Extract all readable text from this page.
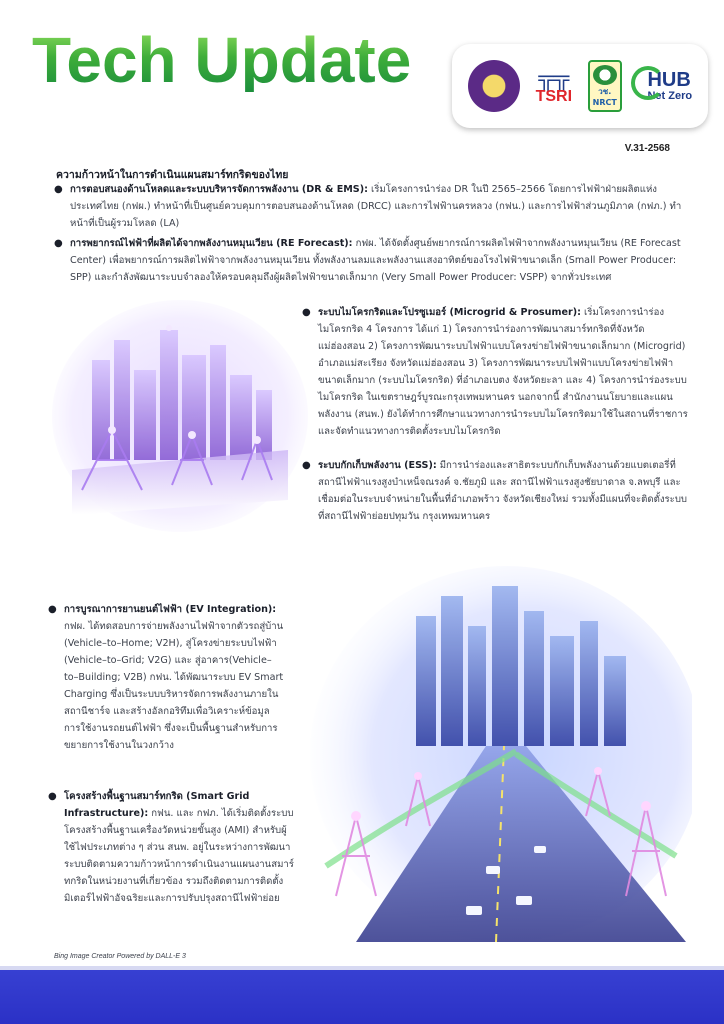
Tech Update	╦╦
TSRI	วช.
NRCT
HUB
Net Zero
V.31-2568
ความก้าวหน้าในการดำเนินแผนสมาร์ทกริดของไทย
● การตอบสนองด้านโหลดและระบบบริหารจัดการพลังงาน (DR & EMS): เริ่มโครงการนำร่อง DR ในปี 2565–2566 โดยการไฟฟ้าฝ่ายผลิตแห่งประเทศไทย (กฟผ.) ทำหน้าที่เป็นศูนย์ควบคุมการตอบสนองด้านโหลด (DRCC) และการไฟฟ้านครหลวง (กฟน.) และการไฟฟ้าส่วนภูมิภาค (กฟภ.) ทำหน้าที่เป็นผู้รวมโหลด (LA)
● การพยากรณ์ไฟฟ้าที่ผลิตได้จากพลังงานหมุนเวียน (RE Forecast): กฟผ. ได้จัดตั้งศูนย์พยากรณ์การผลิตไฟฟ้าจากพลังงานหมุนเวียน (RE Forecast Center) เพื่อพยากรณ์การผลิตไฟฟ้าจากพลังงานหมุนเวียน ทั้งพลังงานลมและพลังงานแสงอาทิตย์ของโรงไฟฟ้าขนาดเล็ก (Small Power Producer: SPP) และกำลังพัฒนาระบบจำลองให้ครอบคลุมถึงผู้ผลิตไฟฟ้าขนาดเล็กมาก (Very Small Power Producer: VSPP) จากทั่วประเทศ
● ระบบไมโครกริดและโปรซูเมอร์ (Microgrid & Prosumer): เริ่มโครงการนำร่องไมโครกริด 4 โครงการ ได้แก่ 1) โครงการนำร่องการพัฒนาสมาร์ทกริดที่จังหวัดแม่ฮ่องสอน 2) โครงการพัฒนาระบบไฟฟ้าแบบโครงข่ายไฟฟ้าขนาดเล็กมาก (Microgrid) อำเภอแม่สะเรียง จังหวัดแม่ฮ่องสอน 3) โครงการพัฒนาระบบไฟฟ้าแบบโครงข่ายไฟฟ้าขนาดเล็กมาก (ระบบไมโครกริด) ที่อำเภอเบตง จังหวัดยะลา และ 4) โครงการนำร่องระบบไมโครกริด ในเขตราษฎร์บูรณะกรุงเทพมหานคร นอกจากนี้ สำนักงานนโยบายและแผนพลังงาน (สนพ.) ยังได้ทำการศึกษาแนวทางการนำระบบไมโครกริดมาใช้ในสถานที่ราชการและจัดทำแนวทางการติดตั้งระบบไมโครกริด
● ระบบกักเก็บพลังงาน (ESS): มีการนำร่องและสาธิตระบบกักเก็บพลังงานด้วยแบตเตอรี่ที่สถานีไฟฟ้าแรงสูงบำเหน็จณรงค์ จ.ชัยภูมิ และ สถานีไฟฟ้าแรงสูงชัยบาดาล จ.ลพบุรี และเชื่อมต่อในระบบจำหน่ายในพื้นที่อำเภอพร้าว จังหวัดเชียงใหม่ รวมทั้งมีแผนที่จะติดตั้งระบบที่สถานีไฟฟ้าย่อยปทุมวัน กรุงเทพมหานคร
● การบูรณาการยานยนต์ไฟฟ้า (EV Integration): กฟผ. ได้ทดสอบการจ่ายพลังงานไฟฟ้าจากตัวรถสู่บ้าน (Vehicle–to–Home; V2H), สู่โครงข่ายระบบไฟฟ้า (Vehicle–to–Grid; V2G) และ สู่อาคาร(Vehicle–to–Building; V2B) กฟน. ได้พัฒนาระบบ EV Smart Charging ซึ่งเป็นระบบบริหารจัดการพลังงานภายในสถานีชาร์จ และสร้างอัลกอริทึมเพื่อวิเคราะห์ข้อมูลการใช้งานรถยนต์ไฟฟ้า ซึ่งจะเป็นพื้นฐานสำหรับการขยายการใช้งานในวงกว้าง
● โครงสร้างพื้นฐานสมาร์ทกริด (Smart Grid Infrastructure): กฟน. และ กฟภ. ได้เริ่มติดตั้งระบบโครงสร้างพื้นฐานเครื่องวัดหน่วยขั้นสูง (AMI) สำหรับผู้ใช้ไฟประเภทต่าง ๆ ส่วน สนพ. อยู่ในระหว่างการพัฒนาระบบติดตามความก้าวหน้าการดำเนินงานแผนงานสมาร์ทกริดในหน่วยงานที่เกี่ยวข้อง รวมถึงติดตามการติดตั้งมิเตอร์ไฟฟ้าอัจฉริยะและการปรับปรุงสถานีไฟฟ้าย่อย
Bing Image Creator Powered by DALL-E 3
